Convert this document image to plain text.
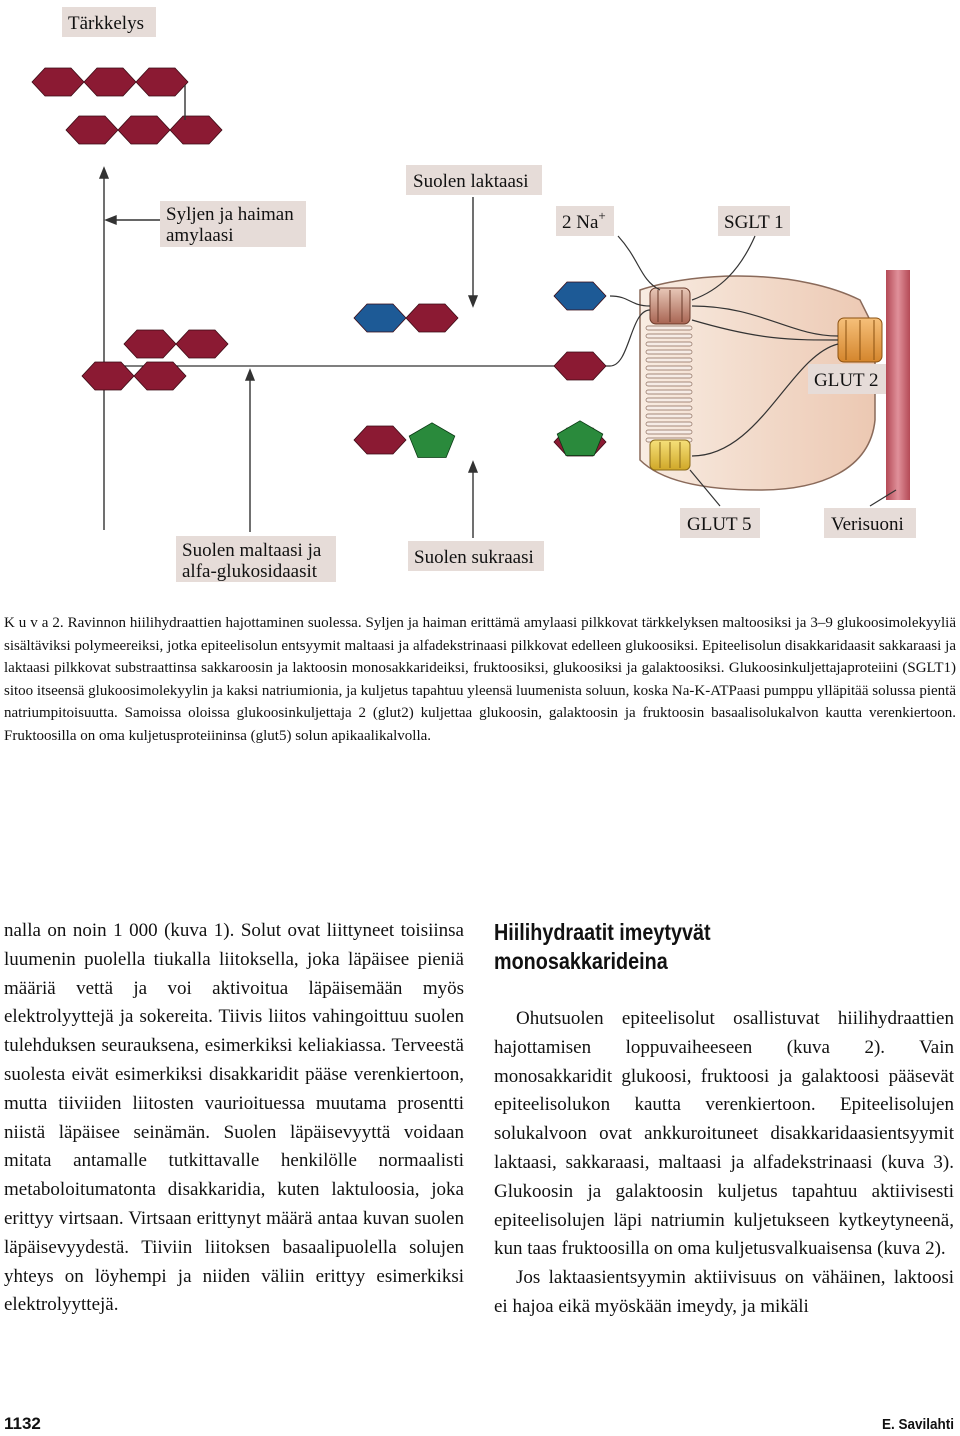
Tärkkelys
Syljen ja haiman
amylaasi
Suolen laktaasi
2 Na+	SGLT 1
Suolen maltaasi ja
alfa-glukosidaasit
Suolen sukraasi
GLUT 5	Verisuoni
GLUT 2

K u v a 2. Ravinnon hiilihydraattien hajottaminen suolessa. Syljen ja haiman erittämä amylaasi pilkkovat tärkkelyksen maltoosiksi ja 3–9 glukoosimolekyyliä sisältäviksi polymeereiksi, jotka epiteelisolun entsyymit maltaasi ja alfadekstrinaasi pilkkovat edelleen glukoosiksi. Epiteelisolun disakkaridaasit sakkaraasi ja laktaasi pilkkovat substraattinsa sakkaroosin ja laktoosin monosakkarideiksi, fruktoosiksi, glukoosiksi ja galaktoosiksi. Glukoosinkuljettajaproteiini (SGLT1) sitoo itseensä glukoosimolekyylin ja kaksi natriumionia, ja kuljetus tapahtuu yleensä luumenista soluun, koska Na-K-ATPaasi pumppu ylläpitää solussa pientä natriumpitoisuutta. Samoissa oloissa glukoosinkuljettaja 2 (glut2) kuljettaa glukoosin, galaktoosin ja fruktoosin basaalisolukalvon kautta verenkiertoon. Fruktoosilla on oma kuljetusproteiininsa (glut5) solun apikaalikalvolla.

nalla on noin 1 000 (kuva 1). Solut ovat liittyneet toisiinsa luumenin puolella tiukalla liitoksella, joka läpäisee pieniä määriä vettä ja voi aktivoitua läpäisemään myös elektrolyyttejä ja sokereita. Tiivis liitos vahingoittuu suolen tulehduksen seurauksena, esimerkiksi keliakiassa. Terveestä suolesta eivät esimerkiksi disakkaridit pääse verenkiertoon, mutta tiiviiden liitosten vaurioituessa muutama prosentti niistä läpäisee seinämän. Suolen läpäisevyyttä voidaan mitata antamalle tutkittavalle henkilölle normaalisti metaboloitumatonta disakkaridia, kuten laktuloosia, joka erittyy virtsaan. Virtsaan erittynyt määrä antaa kuvan suolen läpäisevyydestä. Tiiviin liitoksen basaalipuolella solujen yhteys on löyhempi ja niiden väliin erittyy esimerkiksi elektrolyyttejä.

Hiilihydraatit imeytyvät monosakkarideina

Ohutsuolen epiteelisolut osallistuvat hiilihydraattien hajottamisen loppuvaiheeseen (kuva 2). Vain monosakkaridit glukoosi, fruktoosi ja galaktoosi pääsevät epiteelisolukon kautta verenkiertoon. Epiteelisolujen solukalvoon ovat ankkuroituneet disakkaridaasientsyymit laktaasi, sakkaraasi, maltaasi ja alfadekstrinaasi (kuva 3). Glukoosin ja galaktoosin kuljetus tapahtuu aktiivisesti epiteelisolujen läpi natriumin kuljetukseen kytkeytyneenä, kun taas fruktoosilla on oma kuljetusvalkuaisensa (kuva 2).

Jos laktaasientsyymin aktiivisuus on vähäinen, laktoosi ei hajoa eikä myöskään imeydy, ja mikäli

1132	E. Savilahti
